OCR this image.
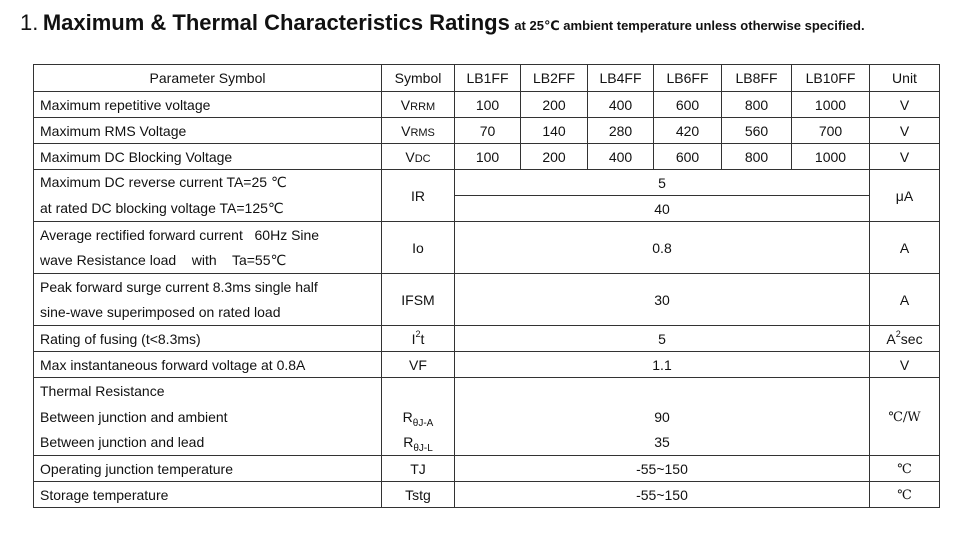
1. Maximum & Thermal Characteristics Ratings at 25℃ ambient temperature unless otherwise specified.
Parameter Symbol	Symbol	LB1FF	LB2FF	LB4FF	LB6FF	LB8FF	LB10FF	Unit
Maximum repetitive voltage	VRRM	100	200	400	600	800	1000	V
Maximum RMS Voltage	VRMS	70	140	280	420	560	700	V
Maximum DC Blocking Voltage	VDC	100	200	400	600	800	1000	V
Maximum DC reverse current TA=25 ℃	IR	5						μA
at rated DC blocking voltage TA=125℃		40						
Average rectified forward current   60Hz Sine	Io	0.8						A
wave Resistance load    with    Ta=55℃								
Peak forward surge current 8.3ms single half	IFSM	30						A
sine-wave superimposed on rated load								
Rating of fusing (t<8.3ms)	$I^2t$	5						$A^2\sec$
Max instantaneous forward voltage at 0.8A	VF	1.1						V
Thermal Resistance								℃/W
Between junction and ambient	$R_{\theta J-A}$	90						
Between junction and lead	$R_{\theta J-L}$	35						
Operating junction temperature	TJ	-55~150						℃
Storage temperature	Tstg	-55~150						℃
